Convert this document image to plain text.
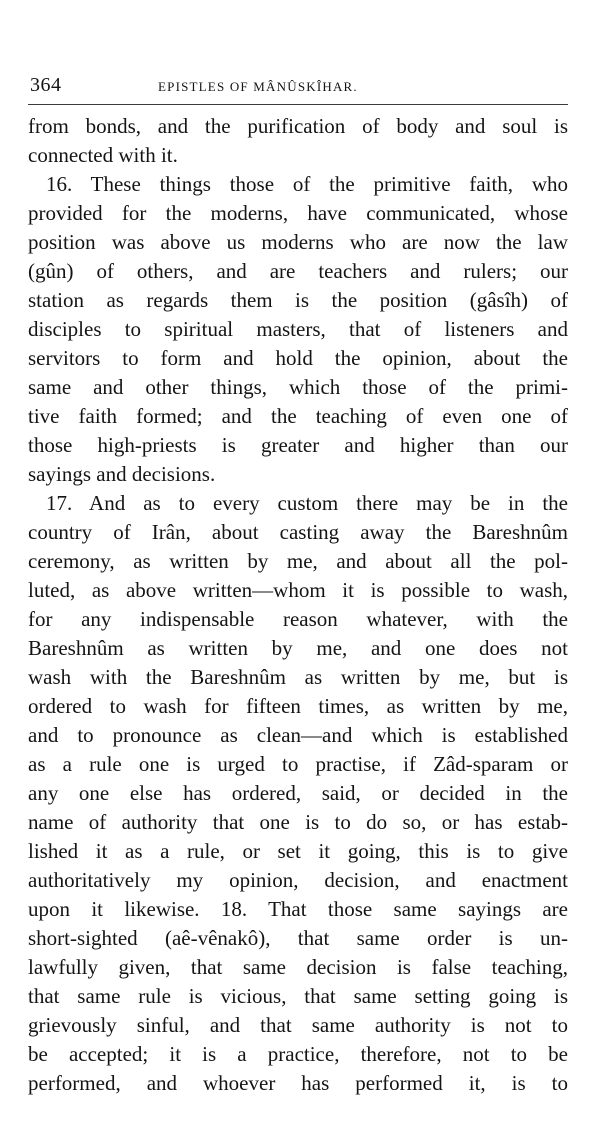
364	EPISTLES OF MÂNÛSKÎHAR.
from bonds, and the purification of body and soul is
connected with it.
16. These things those of the primitive faith, who
provided for the moderns, have communicated, whose
position was above us moderns who are now the law
(gûn) of others, and are teachers and rulers; our
station as regards them is the position (gâsîh) of
disciples to spiritual masters, that of listeners and
servitors to form and hold the opinion, about the
same and other things, which those of the primi-
tive faith formed; and the teaching of even one of
those high-priests is greater and higher than our
sayings and decisions.
17. And as to every custom there may be in the
country of Irân, about casting away the Bareshnûm
ceremony, as written by me, and about all the pol-
luted, as above written—whom it is possible to wash,
for any indispensable reason whatever, with the
Bareshnûm as written by me, and one does not
wash with the Bareshnûm as written by me, but is
ordered to wash for fifteen times, as written by me,
and to pronounce as clean—and which is established
as a rule one is urged to practise, if Zâd-sparam or
any one else has ordered, said, or decided in the
name of authority that one is to do so, or has estab-
lished it as a rule, or set it going, this is to give
authoritatively my opinion, decision, and enactment
upon it likewise. 18. That those same sayings are
short-sighted (aê-vênakô), that same order is un-
lawfully given, that same decision is false teaching,
that same rule is vicious, that same setting going is
grievously sinful, and that same authority is not to
be accepted; it is a practice, therefore, not to be
performed, and whoever has performed it, is to
